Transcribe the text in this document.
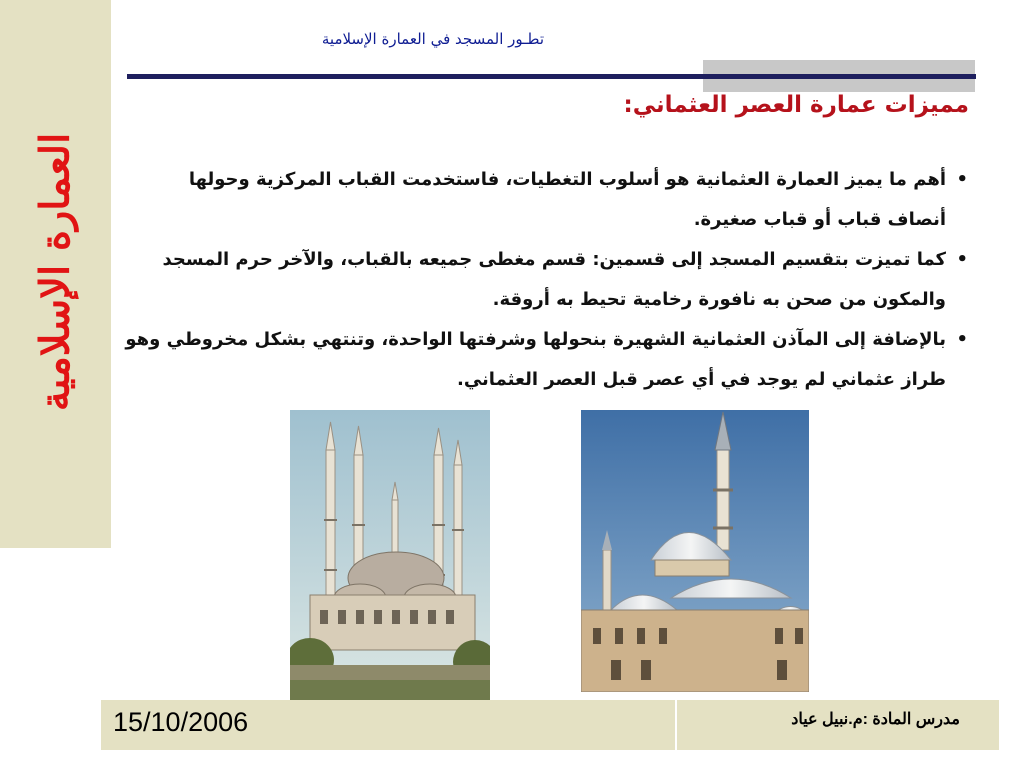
العمارة الإسلامية
تطـور المسجد في العمارة الإسلامية
مميزات عمارة العصر العثماني:
•
أهم ما يميز العمارة العثمانية هو أسلوب التغطيات، فاستخدمت القباب المركزية وحولها
أنصاف قباب أو قباب صغيرة.
•
كما تميزت بتقسيم المسجد إلى قسمين: قسم مغطى جميعه بالقباب، والآخر حرم المسجد
والمكون من صحن به نافورة رخامية تحيط به أروقة.
•
بالإضافة إلى المآذن العثمانية الشهيرة بنحولها وشرفتها الواحدة، وتنتهي بشكل مخروطي وهو
طراز عثماني لم يوجد في أي عصر قبل العصر العثماني.
15/10/2006	مدرس المادة :م.نبيل عياد
